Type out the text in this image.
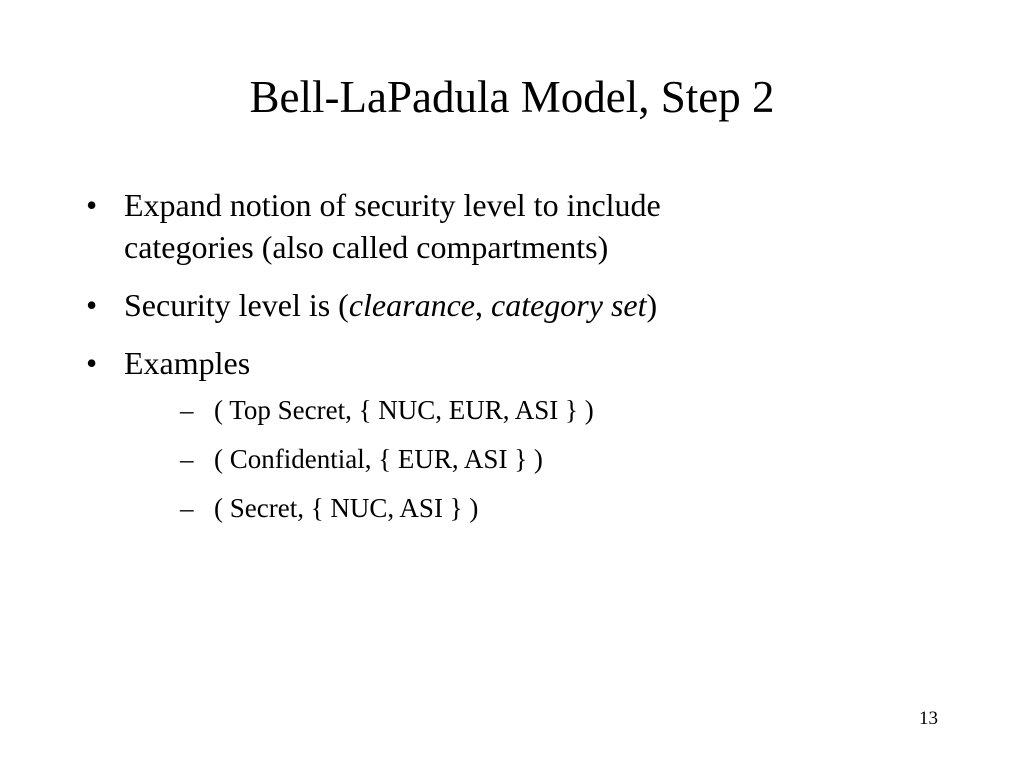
Bell-LaPadula Model, Step 2
• Expand notion of security level to include
categories (also called compartments)
• Security level is (clearance, category set)
• Examples
– ( Top Secret, { NUC, EUR, ASI } )
– ( Confidential, { EUR, ASI } )
– ( Secret, { NUC, ASI } )
13
